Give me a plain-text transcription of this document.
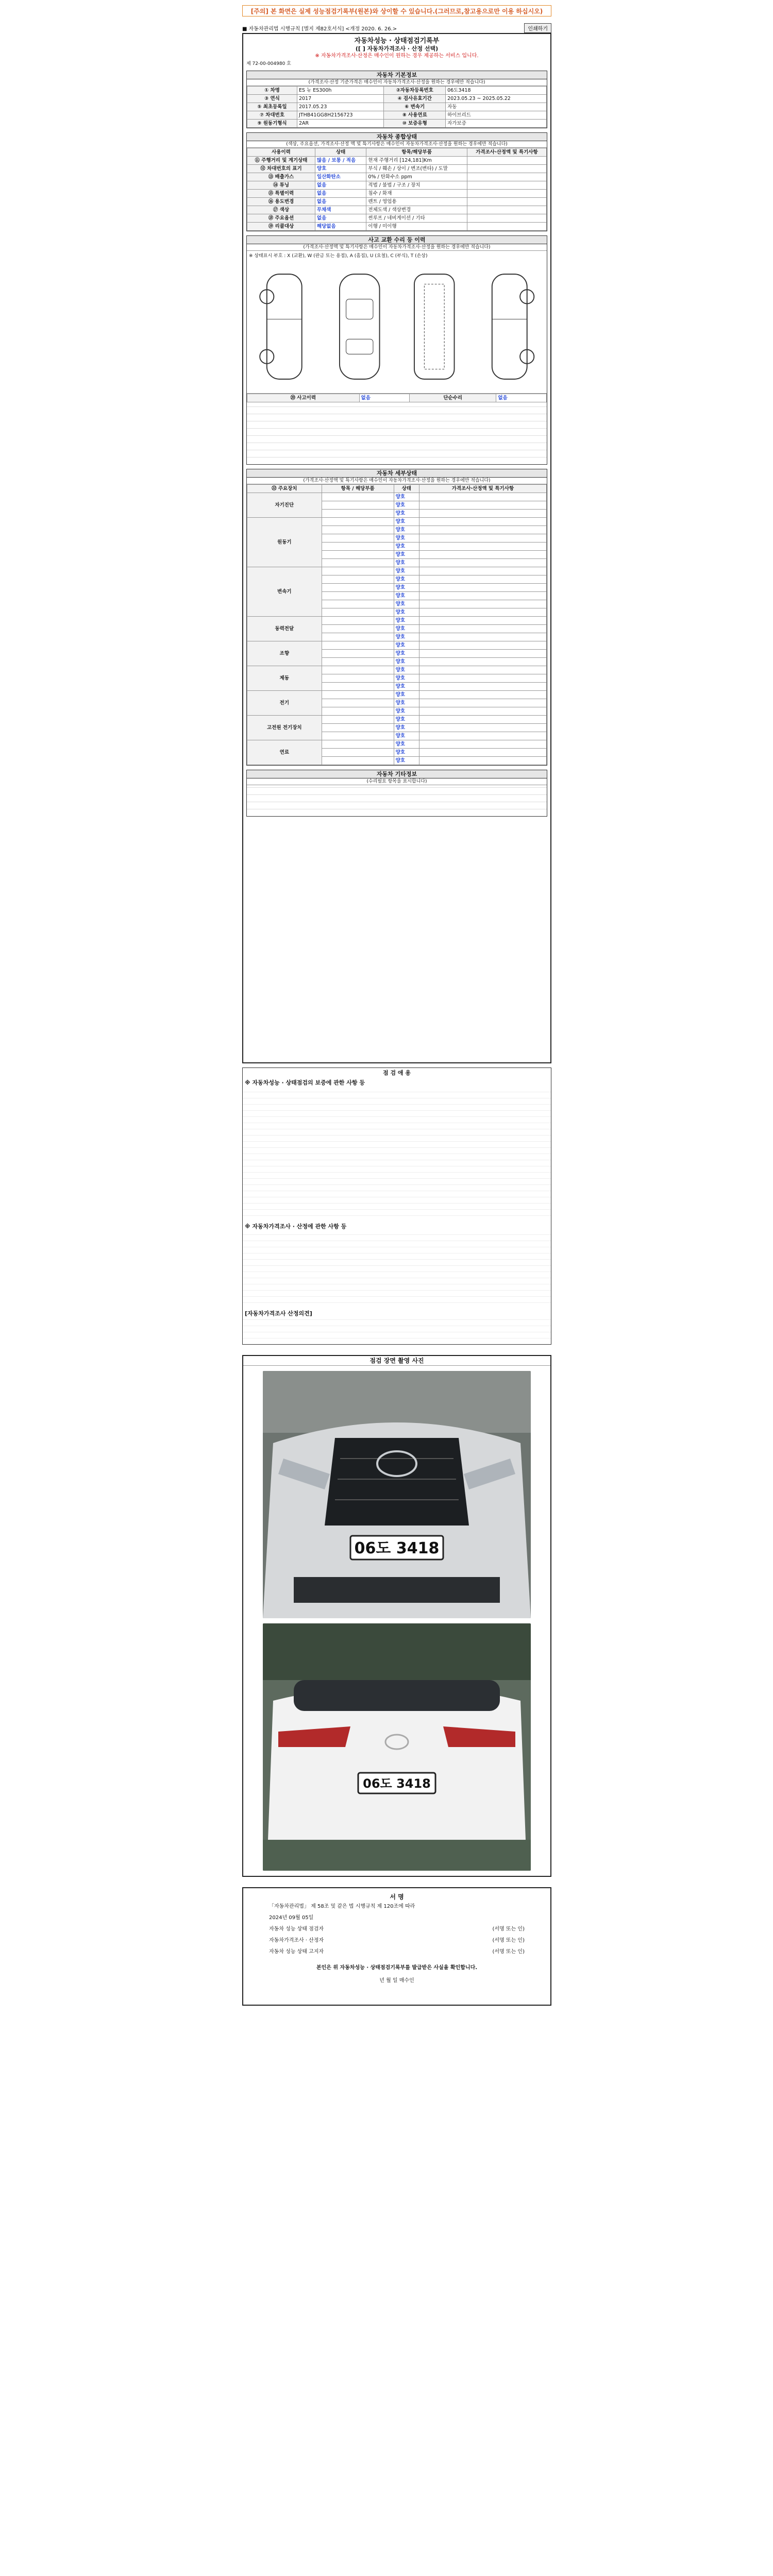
[주의] 본 화면은 실제 성능점검기록부(원본)와 상이할 수 있습니다.(그러므로,참고용으로만 이용 하십시오)
■ 자동차관리법 시행규칙 [별지 제82호서식] <개정 2020. 6. 26.>	인쇄하기
자동차성능 · 상태점검기록부
([ ] 자동차가격조사 · 산정 선택)
※ 자동차가격조사·산정은 매수인이 원하는 경우 제공하는 서비스 입니다.
제 72-00-004980 호
자동차 기본정보
(가격조사·산정 기준가격은 매수인이 자동차가격조사·산정을 원하는 경우에만 적습니다)
① 차명	ES 뉴 ES300h	②자동차등록번호	06도3418
③ 연식	2017	④ 검사유효기간	2023.05.23 ~ 2025.05.22
⑤ 최초등록일	2017.05.23	⑥ 변속기	자동
⑦ 차대번호	JTHB41GG8H2156723	⑧ 사용연료	하이브리드
⑨ 원동기형식	2AR	⑩ 보증유형	자가보증
자동차 종합상태
(색상, 주요옵션, 가격조사·산정 액 및 특기사항은 매수인이 자동차가격조사·산정을 원하는 경우에만 적습니다)
사용이력	상태	항목/해당부품	가격조사·산정액 및 특기사항
⑪ 주행거리 및 계기상태	많음 / 보통 / 적음	현재 주행거리 [124,181]Km	
⑫ 차대번호의 표기	양호	부식 / 훼손 / 상이 / 변조(변타) / 도말	
⑬ 배출가스	일산화탄소	0% / 탄화수소 ppm	
⑭ 튜닝	없음	적법 / 불법 / 구조 / 장치	
⑮ 특별이력	없음	침수 / 화재	
⑯ 용도변경	없음	렌트 / 영업용	
⑰ 색상	무채색	전체도색 / 색상변경	
⑱ 주요옵션	없음	썬루프 / 네비게이션 / 기타	
⑲ 리콜대상	해당없음	이행 / 미이행	
사고 교환 수리 등 이력
(가격조사·산정액 및 특기사항은 매수인이 자동차가격조사·산정을 원하는 경우에만 적습니다)
※ 상태표시 부호 : X (교환), W (판금 또는 용접), A (흠집), U (요철), C (부식), T (손상)
⑳ 사고이력	없음	단순수리	없음
자동차 세부상태
(가격조사·산정액 및 특기사항은 매수인이 자동차가격조사·산정을 원하는 경우에만 적습니다)
㉒ 주요장치	항목 / 해당부품	상태	가격조사·산정액 및 특기사항
자기진단		양호	
		양호	
		양호	
원동기		양호	
		양호	
		양호	
		양호	
		양호	
		양호	
변속기		양호	
		양호	
		양호	
		양호	
		양호	
		양호	
동력전달		양호	
		양호	
		양호	
조향		양호	
		양호	
		양호	
제동		양호	
		양호	
		양호	
전기		양호	
		양호	
		양호	
고전원 전기장치		양호	
		양호	
		양호	
연료		양호	
		양호	
		양호	
자동차 기타정보
(수리필요 항목을 표시합니다)
점 검 애 용
※ 자동차성능 · 상태점검의 보증에 관한 사항 등
※ 자동차가격조사 · 산정에 관한 사항 등
[자동차가격조사 산정의견]
점검 장면 촬영 사진
06도 3418
06도 3418
서 명
「자동차관리법」 제 58조 및 같은 법 시행규칙 제 120조에 따라
2024년 09월 05일
자동차 성능 상태 점검자	(서명 또는 인)
자동차가격조사 · 산정자	(서명 또는 인)
자동차 성능 상태 고지자	(서명 또는 인)
본인은 위 자동차성능 · 상태점검기록부를 발급받은 사실을 확인합니다.
년 월 일 매수인
